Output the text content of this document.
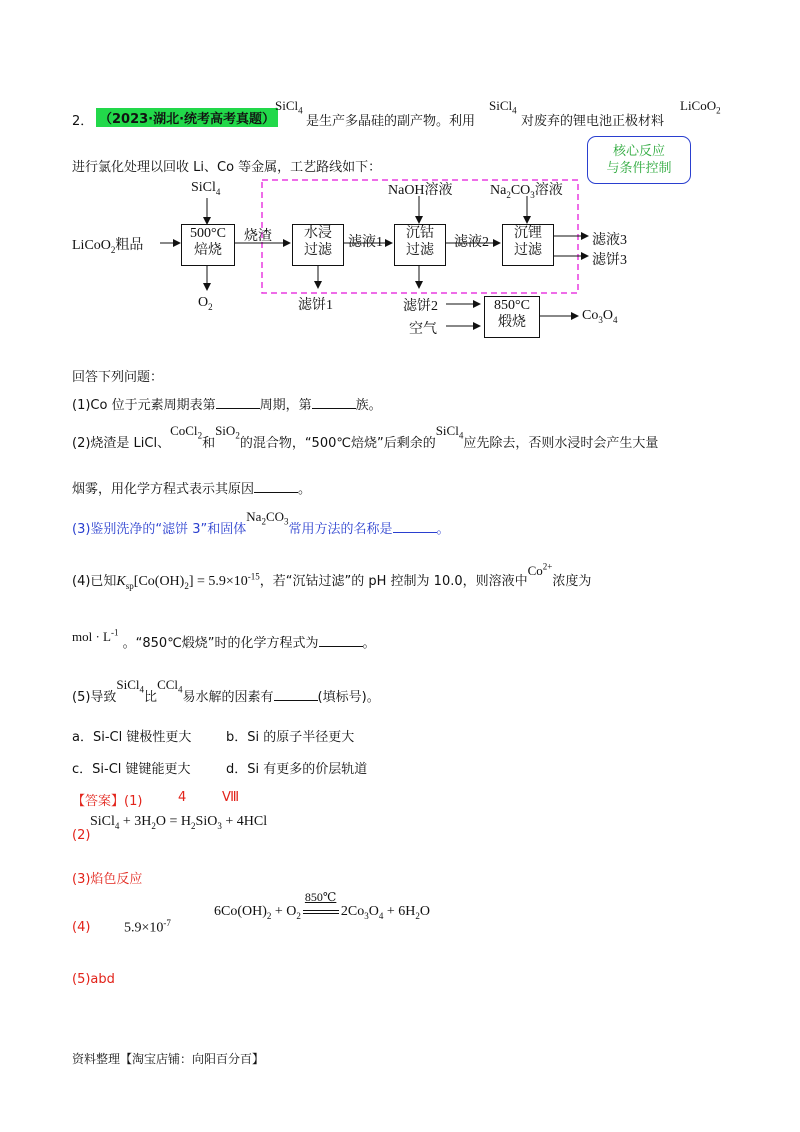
2． （2023·湖北·统考高考真题）
SiCl$_4$
是生产多晶硅的副产物。利用
SiCl$_4$
对废弃的锂电池正极材料
LiCoO$_2$
进行氯化处理以回收 Li、Co 等金属，工艺路线如下：
核心反应
与条件控制
SiCl$_4$
LiCoO$_2$粗品
500°C
焙烧
$O_2$
烧渣	水浸
过滤
滤液1
滤饼1
NaOH溶液
沉钴
过滤
滤液2
滤饼2
空气
$Na_2CO_3$溶液
沉锂
过滤
滤液3
滤饼3
850°C
煅烧	$Co_3O_4$
回答下列问题：
(1)Co 位于元素周期表第	周期，第	族。
(2)烧渣是 LiCl、CoCl$_2$和SiO$_2$的混合物，“500℃焙烧”后剩余的SiCl$_4$应先除去，否则水浸时会产生大量
烟雾，用化学方程式表示其原因	。
(3)鉴别洗净的“滤饼 3”和固体$Na_2CO_3$常用方法的名称是	。
(4)已知$K_{sp}[Co(OH)_2] = 5.9\times 10^{-15}$，若“沉钴过滤”的 pH 控制为 10.0，则溶液中$Co^{2+}$浓度为
mol · $L^{-1}$ 。“850℃煅烧”时的化学方程式为	。
(5)导致SiCl$_4$比CCl$_4$易水解的因素有	(填标号)。
a．Si-Cl 键极性更大	b．Si 的原子半径更大
c．Si-Cl 键键能更大	d．Si 有更多的价层轨道
【答案】(1)	4	Ⅷ
(2)
SiCl$_4$ + $3H_2O = H_2SiO_3 + 4HCl$
(3)焰色反应
(4) $5.9\times 10^{-7}$
$6Co(OH)_2 + O_2$
850℃
$2Co_3O_4 + 6H_2O$
(5)abd
资料整理【淘宝店铺：向阳百分百】
